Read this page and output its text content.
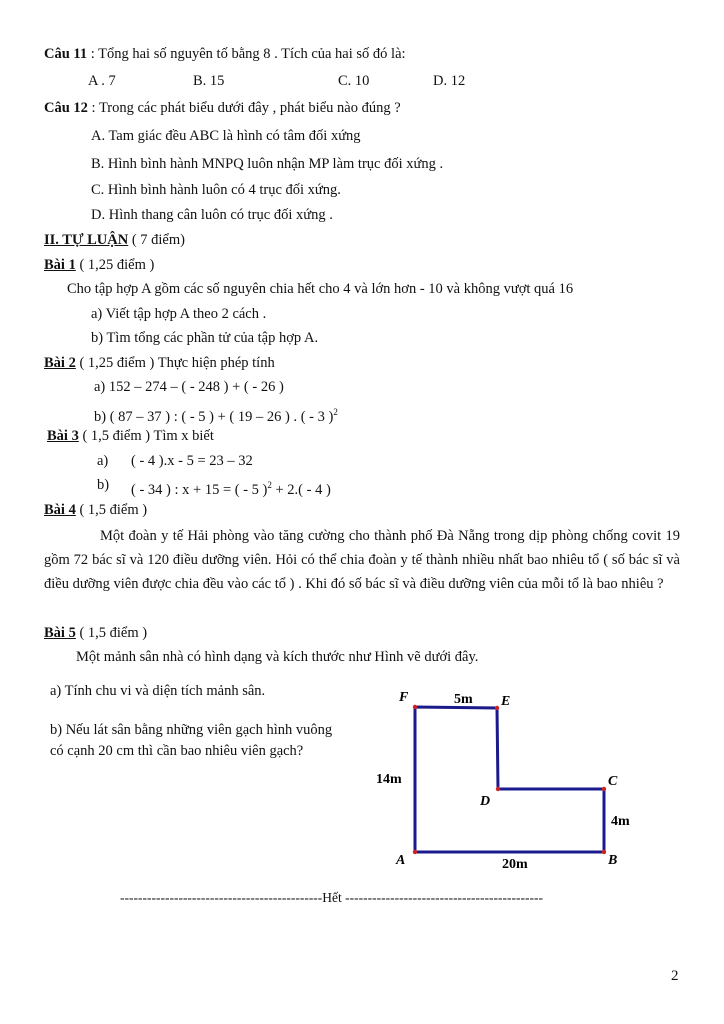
Câu 11 : Tổng hai số nguyên tố bằng 8 . Tích của hai số đó là:
A . 7	B. 15	C. 10	D. 12
Câu 12 : Trong các phát biểu dưới đây , phát biểu nào đúng ?
A. Tam giác đều ABC là hình có tâm đối xứng
B. Hình bình hành MNPQ luôn nhận MP làm trục đối xứng .
C. Hình bình hành luôn có 4 trục đối xứng.
D. Hình thang cân luôn có trục đối xứng .
II. TỰ LUẬN ( 7 điểm)
Bài 1 ( 1,25 điểm )
Cho tập hợp A gồm các số nguyên chia hết cho 4 và lớn hơn - 10 và không vượt quá 16
a) Viết tập hợp A theo 2 cách .
b) Tìm tổng các phần tử của tập hợp A.
Bài 2 ( 1,25 điểm ) Thực hiện phép tính
a) 152 – 274 – ( - 248 ) + ( - 26 )
b) ( 87 – 37 ) : ( - 5 ) + ( 19 – 26 ) . ( - 3 )$^2$
Bài 3 ( 1,5 điểm ) Tìm x biết
a) ( - 4 ).x - 5 = 23 – 32
b) ( - 34 ) : x + 15 = ( - 5 )$^2$ + 2.( - 4 )
Bài 4 ( 1,5 điểm )
Một đoàn y tế Hải phòng vào tăng cường cho thành phố Đà Nẵng trong dịp phòng chống covit 19 gồm 72 bác sĩ và 120 điều dưỡng viên. Hỏi có thể chia đoàn y tế thành nhiều nhất bao nhiêu tổ ( số bác sĩ và điều dưỡng viên được chia đều vào các tổ ) . Khi đó số bác sĩ và điều dưỡng viên của mỗi tổ là bao nhiêu ?
Bài 5 ( 1,5 điểm )
Một mảnh sân nhà có hình dạng và kích thước như Hình vẽ dưới đây.
a) Tính chu vi và diện tích mảnh sân.
b) Nếu lát sân bằng những viên gạch hình vuông có cạnh 20 cm thì cần bao nhiêu viên gạch?
F	E
D
C
B
A
5m
14m
4m
20m
---------------------------------------------Hết --------------------------------------------
2
